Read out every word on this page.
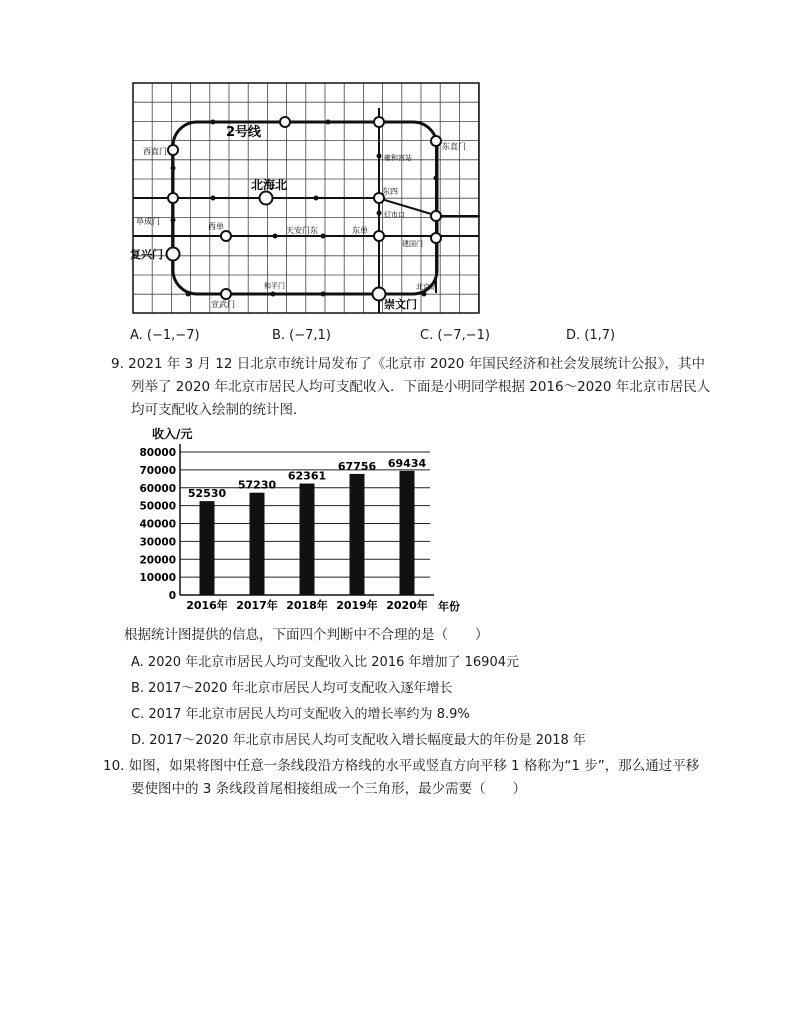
2号线
西直门
东直门
雍和宫站
北海北	东四
灯市口
阜成门
西单	天安门东	东单
建国门
复兴门
和平门	北京站
宣武门	崇文门
A. (−1,−7)	B. (−7,1)	C. (−7,−1)	D. (1,7)
9. 2021 年 3 月 12 日北京市统计局发布了《北京市 2020 年国民经济和社会发展统计公报》，其中
列举了 2020 年北京市居民人均可支配收入．下面是小明同学根据 2016～2020 年北京市居民人
均可支配收入绘制的统计图．
收入/元
0
10000
20000
30000
40000
50000
60000
70000
80000
52530
2016年
57230
2017年
62361
2018年
67756
2019年
69434
2020年 年份
根据统计图提供的信息，下面四个判断中不合理的是（　　）
A. 2020 年北京市居民人均可支配收入比 2016 年增加了 16904元
B. 2017～2020 年北京市居民人均可支配收入逐年增长
C. 2017 年北京市居民人均可支配收入的增长率约为 8.9%
D. 2017～2020 年北京市居民人均可支配收入增长幅度最大的年份是 2018 年
10. 如图，如果将图中任意一条线段沿方格线的水平或竖直方向平移 1 格称为“1 步”，那么通过平移
要使图中的 3 条线段首尾相接组成一个三角形，最少需要（　　）
